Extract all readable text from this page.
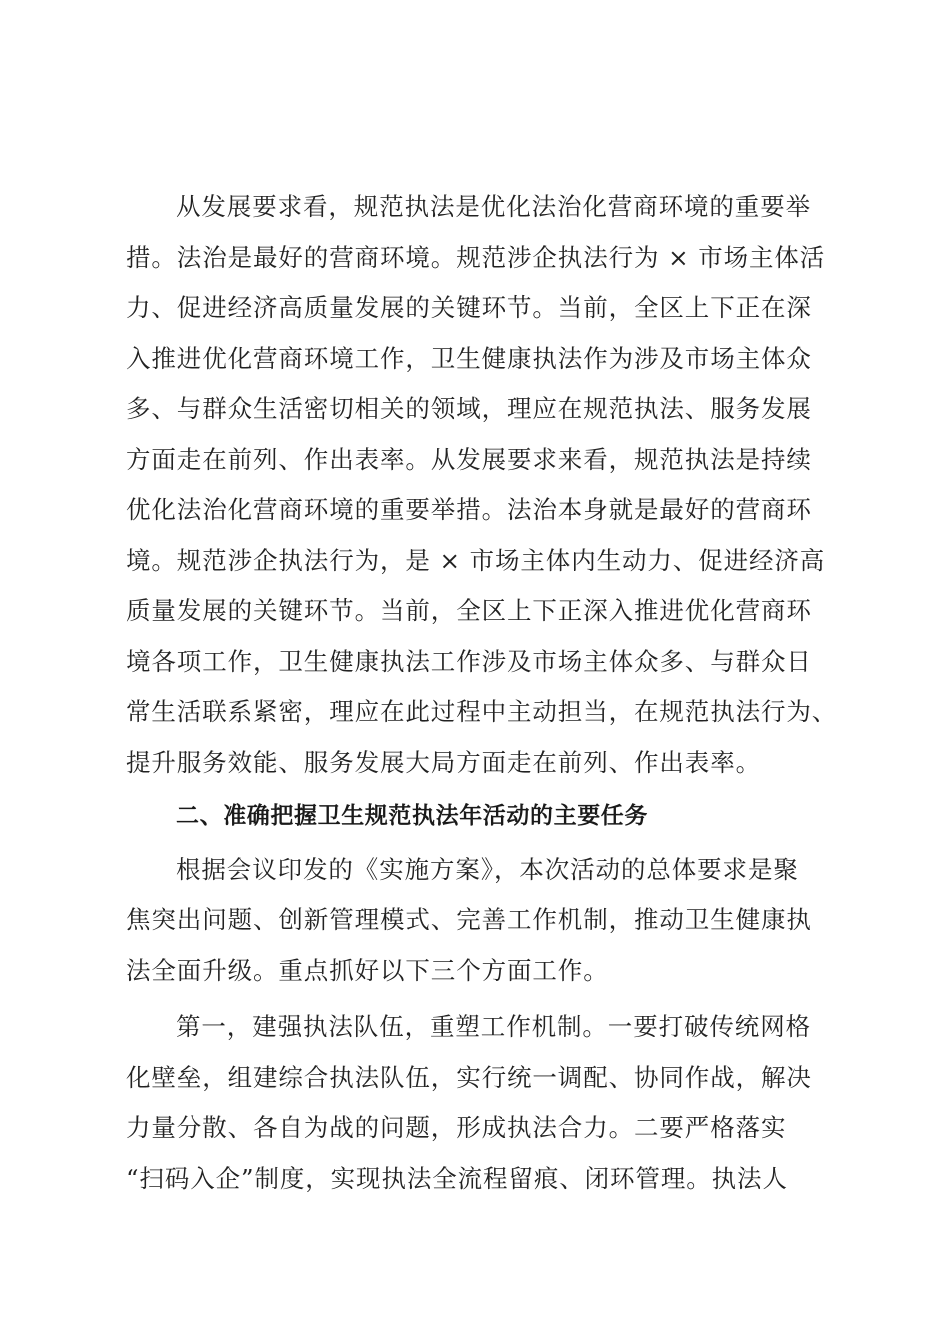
从发展要求看，规范执法是优化法治化营商环境的重要举
措。法治是最好的营商环境。规范涉企执法行为 × 市场主体活
力、促进经济高质量发展的关键环节。当前，全区上下正在深
入推进优化营商环境工作，卫生健康执法作为涉及市场主体众
多、与群众生活密切相关的领域，理应在规范执法、服务发展
方面走在前列、作出表率。从发展要求来看，规范执法是持续
优化法治化营商环境的重要举措。法治本身就是最好的营商环
境。规范涉企执法行为，是 × 市场主体内生动力、促进经济高
质量发展的关键环节。当前，全区上下正深入推进优化营商环
境各项工作，卫生健康执法工作涉及市场主体众多、与群众日
常生活联系紧密，理应在此过程中主动担当，在规范执法行为、
提升服务效能、服务发展大局方面走在前列、作出表率。
二、准确把握卫生规范执法年活动的主要任务
根据会议印发的《实施方案》，本次活动的总体要求是聚
焦突出问题、创新管理模式、完善工作机制，推动卫生健康执
法全面升级。重点抓好以下三个方面工作。
第一，建强执法队伍，重塑工作机制。一要打破传统网格
化壁垒，组建综合执法队伍，实行统一调配、协同作战，解决
力量分散、各自为战的问题，形成执法合力。二要严格落实
“扫码入企”制度，实现执法全流程留痕、闭环管理。执法人
